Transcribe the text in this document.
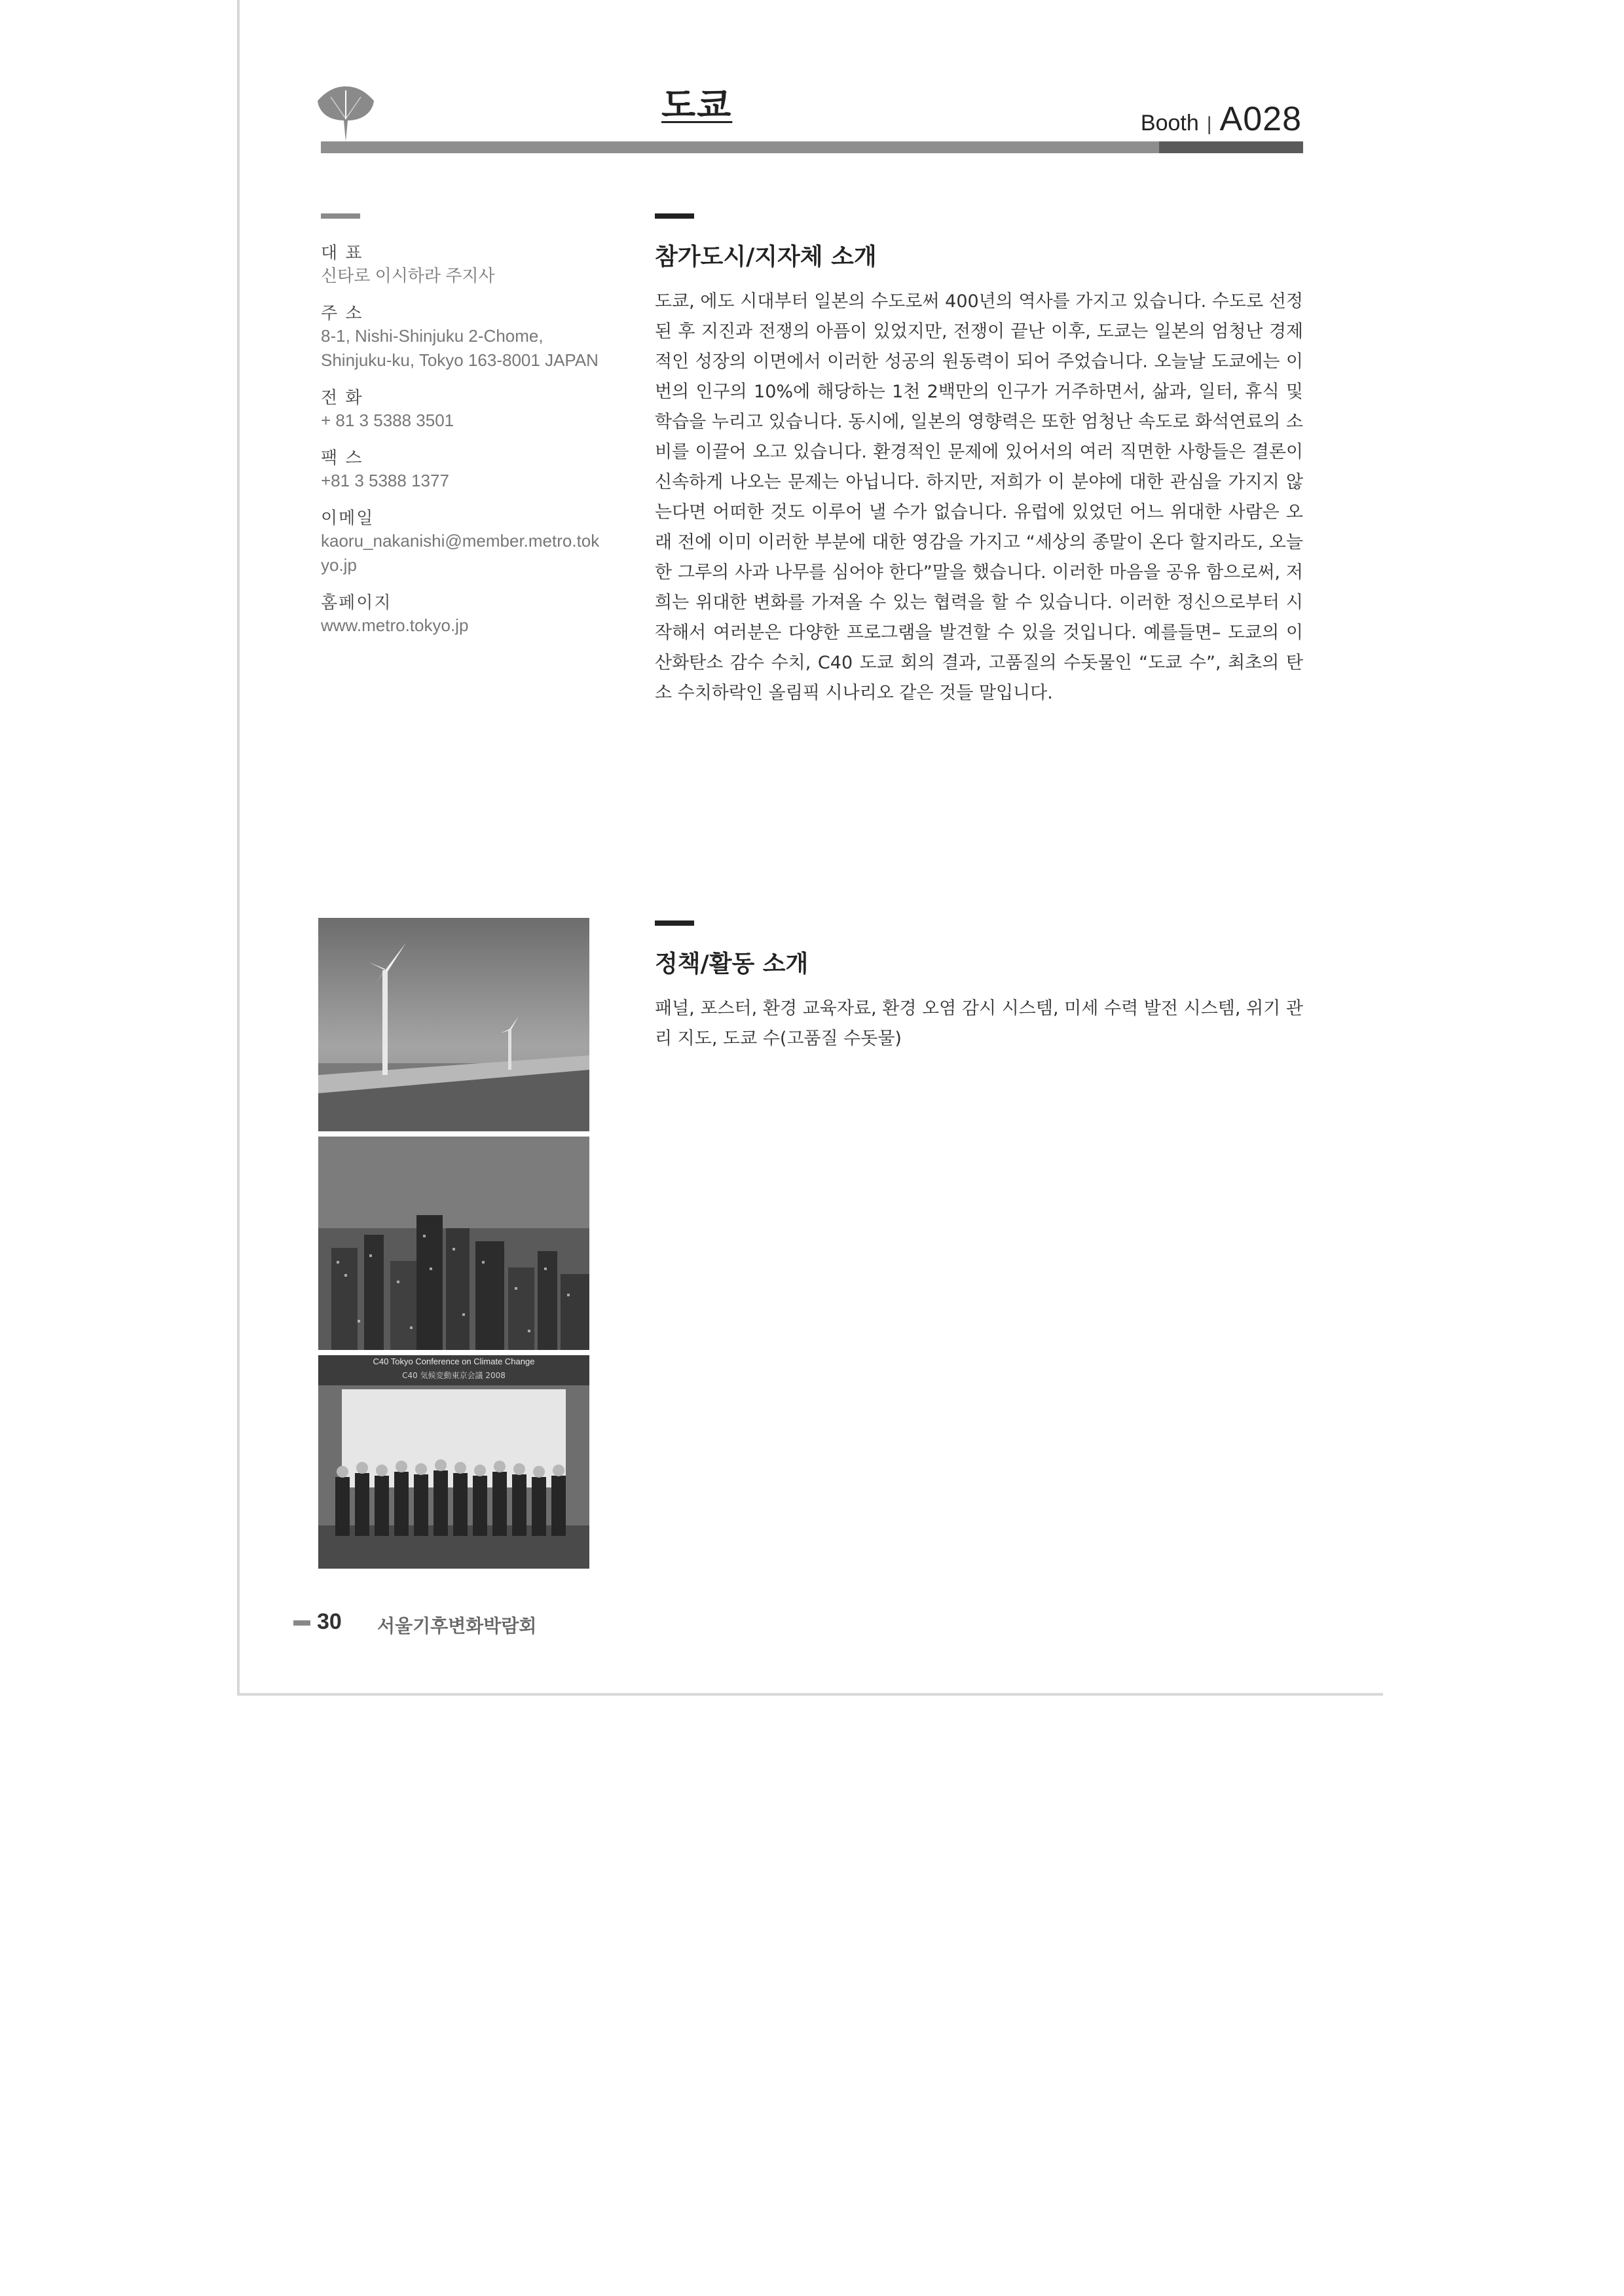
도쿄	Booth | A028
대 표
신타로 이시하라 주지사
주 소
8-1, Nishi-Shinjuku 2-Chome, Shinjuku-ku, Tokyo 163-8001 JAPAN
전 화
+ 81 3 5388 3501
팩 스
+81 3 5388 1377
이메일
kaoru_nakanishi@member.metro.tokyo.jp
홈페이지
www.metro.tokyo.jp
참가도시/지자체 소개
도쿄, 에도 시대부터 일본의 수도로써 400년의 역사를 가지고 있습니다. 수도로 선정 된 후 지진과 전쟁의 아픔이 있었지만, 전쟁이 끝난 이후, 도쿄는 일본의 엄청난 경제적인 성장의 이면에서 이러한 성공의 원동력이 되어 주었습니다. 오늘날 도쿄에는 이번의 인구의 10%에 해당하는 1천 2백만의 인구가 거주하면서, 삶과, 일터, 휴식 및 학습을 누리고 있습니다. 동시에, 일본의 영향력은 또한 엄청난 속도로 화석연료의 소비를 이끌어 오고 있습니다. 환경적인 문제에 있어서의 여러 직면한 사항들은 결론이 신속하게 나오는 문제는 아닙니다. 하지만, 저희가 이 분야에 대한 관심을 가지지 않는다면 어떠한 것도 이루어 낼 수가 없습니다. 유럽에 있었던 어느 위대한 사람은 오래 전에 이미 이러한 부분에 대한 영감을 가지고 “세상의 종말이 온다 할지라도, 오늘 한 그루의 사과 나무를 심어야 한다”말을 했습니다. 이러한 마음을 공유 함으로써, 저희는 위대한 변화를 가져올 수 있는 협력을 할 수 있습니다. 이러한 정신으로부터 시작해서 여러분은 다양한 프로그램을 발견할 수 있을 것입니다. 예를들면– 도쿄의 이산화탄소 감수 수치, C40 도쿄 회의 결과, 고품질의 수돗물인 “도쿄 수”, 최초의 탄소 수치하락인 올림픽 시나리오 같은 것들 말입니다.
정책/활동 소개
패널, 포스터, 환경 교육자료, 환경 오염 감시 시스템, 미세 수력 발전 시스템, 위기 관리 지도, 도쿄 수(고품질 수돗물)
C40 Tokyo Conference on Climate Change
C40 気候変動東京会議 2008
30 서울기후변화박람회
